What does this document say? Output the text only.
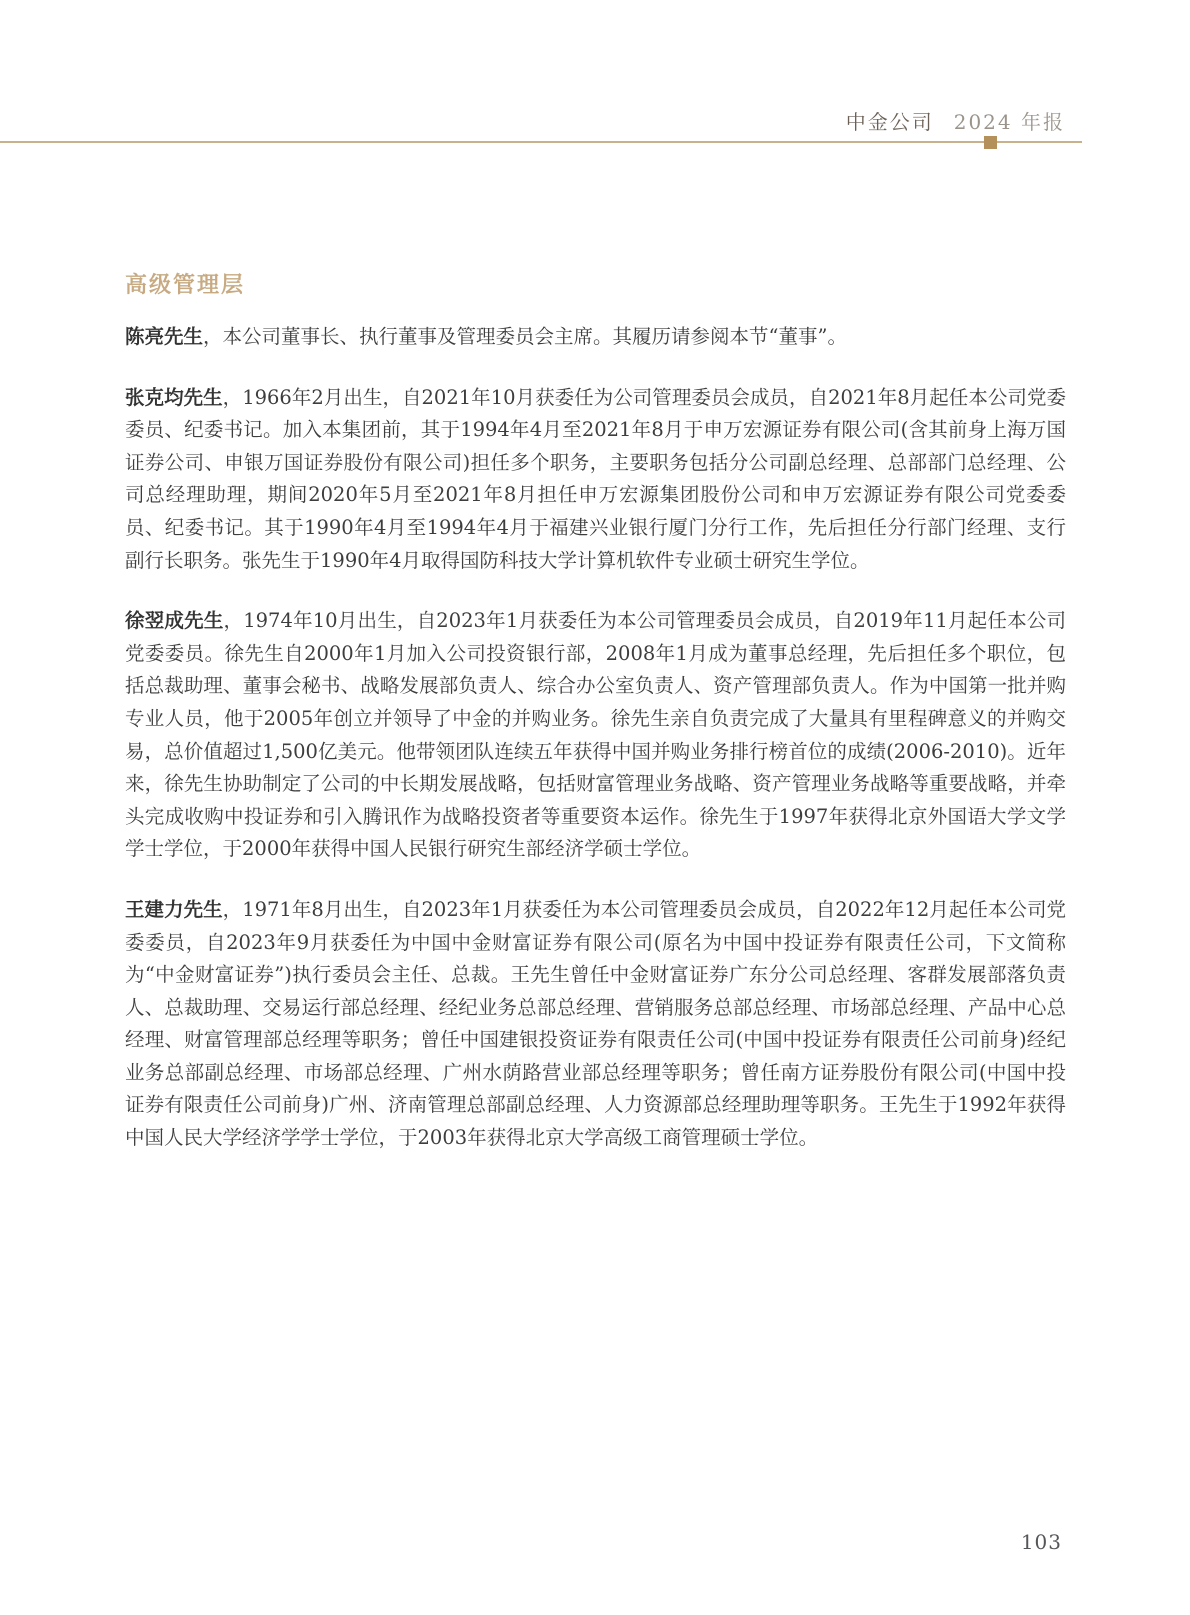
中金公司 2024 年报
高级管理层

陈亮先生，本公司董事长、执行董事及管理委员会主席。其履历请参阅本节“董事”。

张克均先生，1966年2月出生，自2021年10月获委任为公司管理委员会成员，自2021年8月起任本公司党委委员、纪委书记。加入本集团前，其于1994年4月至2021年8月于申万宏源证券有限公司(含其前身上海万国证券公司、申银万国证券股份有限公司)担任多个职务，主要职务包括分公司副总经理、总部部门总经理、公司总经理助理，期间2020年5月至2021年8月担任申万宏源集团股份公司和申万宏源证券有限公司党委委员、纪委书记。其于1990年4月至1994年4月于福建兴业银行厦门分行工作，先后担任分行部门经理、支行副行长职务。张先生于1990年4月取得国防科技大学计算机软件专业硕士研究生学位。

徐翌成先生，1974年10月出生，自2023年1月获委任为本公司管理委员会成员，自2019年11月起任本公司党委委员。徐先生自2000年1月加入公司投资银行部，2008年1月成为董事总经理，先后担任多个职位，包括总裁助理、董事会秘书、战略发展部负责人、综合办公室负责人、资产管理部负责人。作为中国第一批并购专业人员，他于2005年创立并领导了中金的并购业务。徐先生亲自负责完成了大量具有里程碑意义的并购交易，总价值超过1,500亿美元。他带领团队连续五年获得中国并购业务排行榜首位的成绩(2006-2010)。近年来，徐先生协助制定了公司的中长期发展战略，包括财富管理业务战略、资产管理业务战略等重要战略，并牵头完成收购中投证券和引入腾讯作为战略投资者等重要资本运作。徐先生于1997年获得北京外国语大学文学学士学位，于2000年获得中国人民银行研究生部经济学硕士学位。

王建力先生，1971年8月出生，自2023年1月获委任为本公司管理委员会成员，自2022年12月起任本公司党委委员，自2023年9月获委任为中国中金财富证券有限公司(原名为中国中投证券有限责任公司，下文简称为“中金财富证券”)执行委员会主任、总裁。王先生曾任中金财富证券广东分公司总经理、客群发展部落负责人、总裁助理、交易运行部总经理、经纪业务总部总经理、营销服务总部总经理、市场部总经理、产品中心总经理、财富管理部总经理等职务；曾任中国建银投资证券有限责任公司(中国中投证券有限责任公司前身)经纪业务总部副总经理、市场部总经理、广州水荫路营业部总经理等职务；曾任南方证券股份有限公司(中国中投证券有限责任公司前身)广州、济南管理总部副总经理、人力资源部总经理助理等职务。王先生于1992年获得中国人民大学经济学学士学位，于2003年获得北京大学高级工商管理硕士学位。

103
